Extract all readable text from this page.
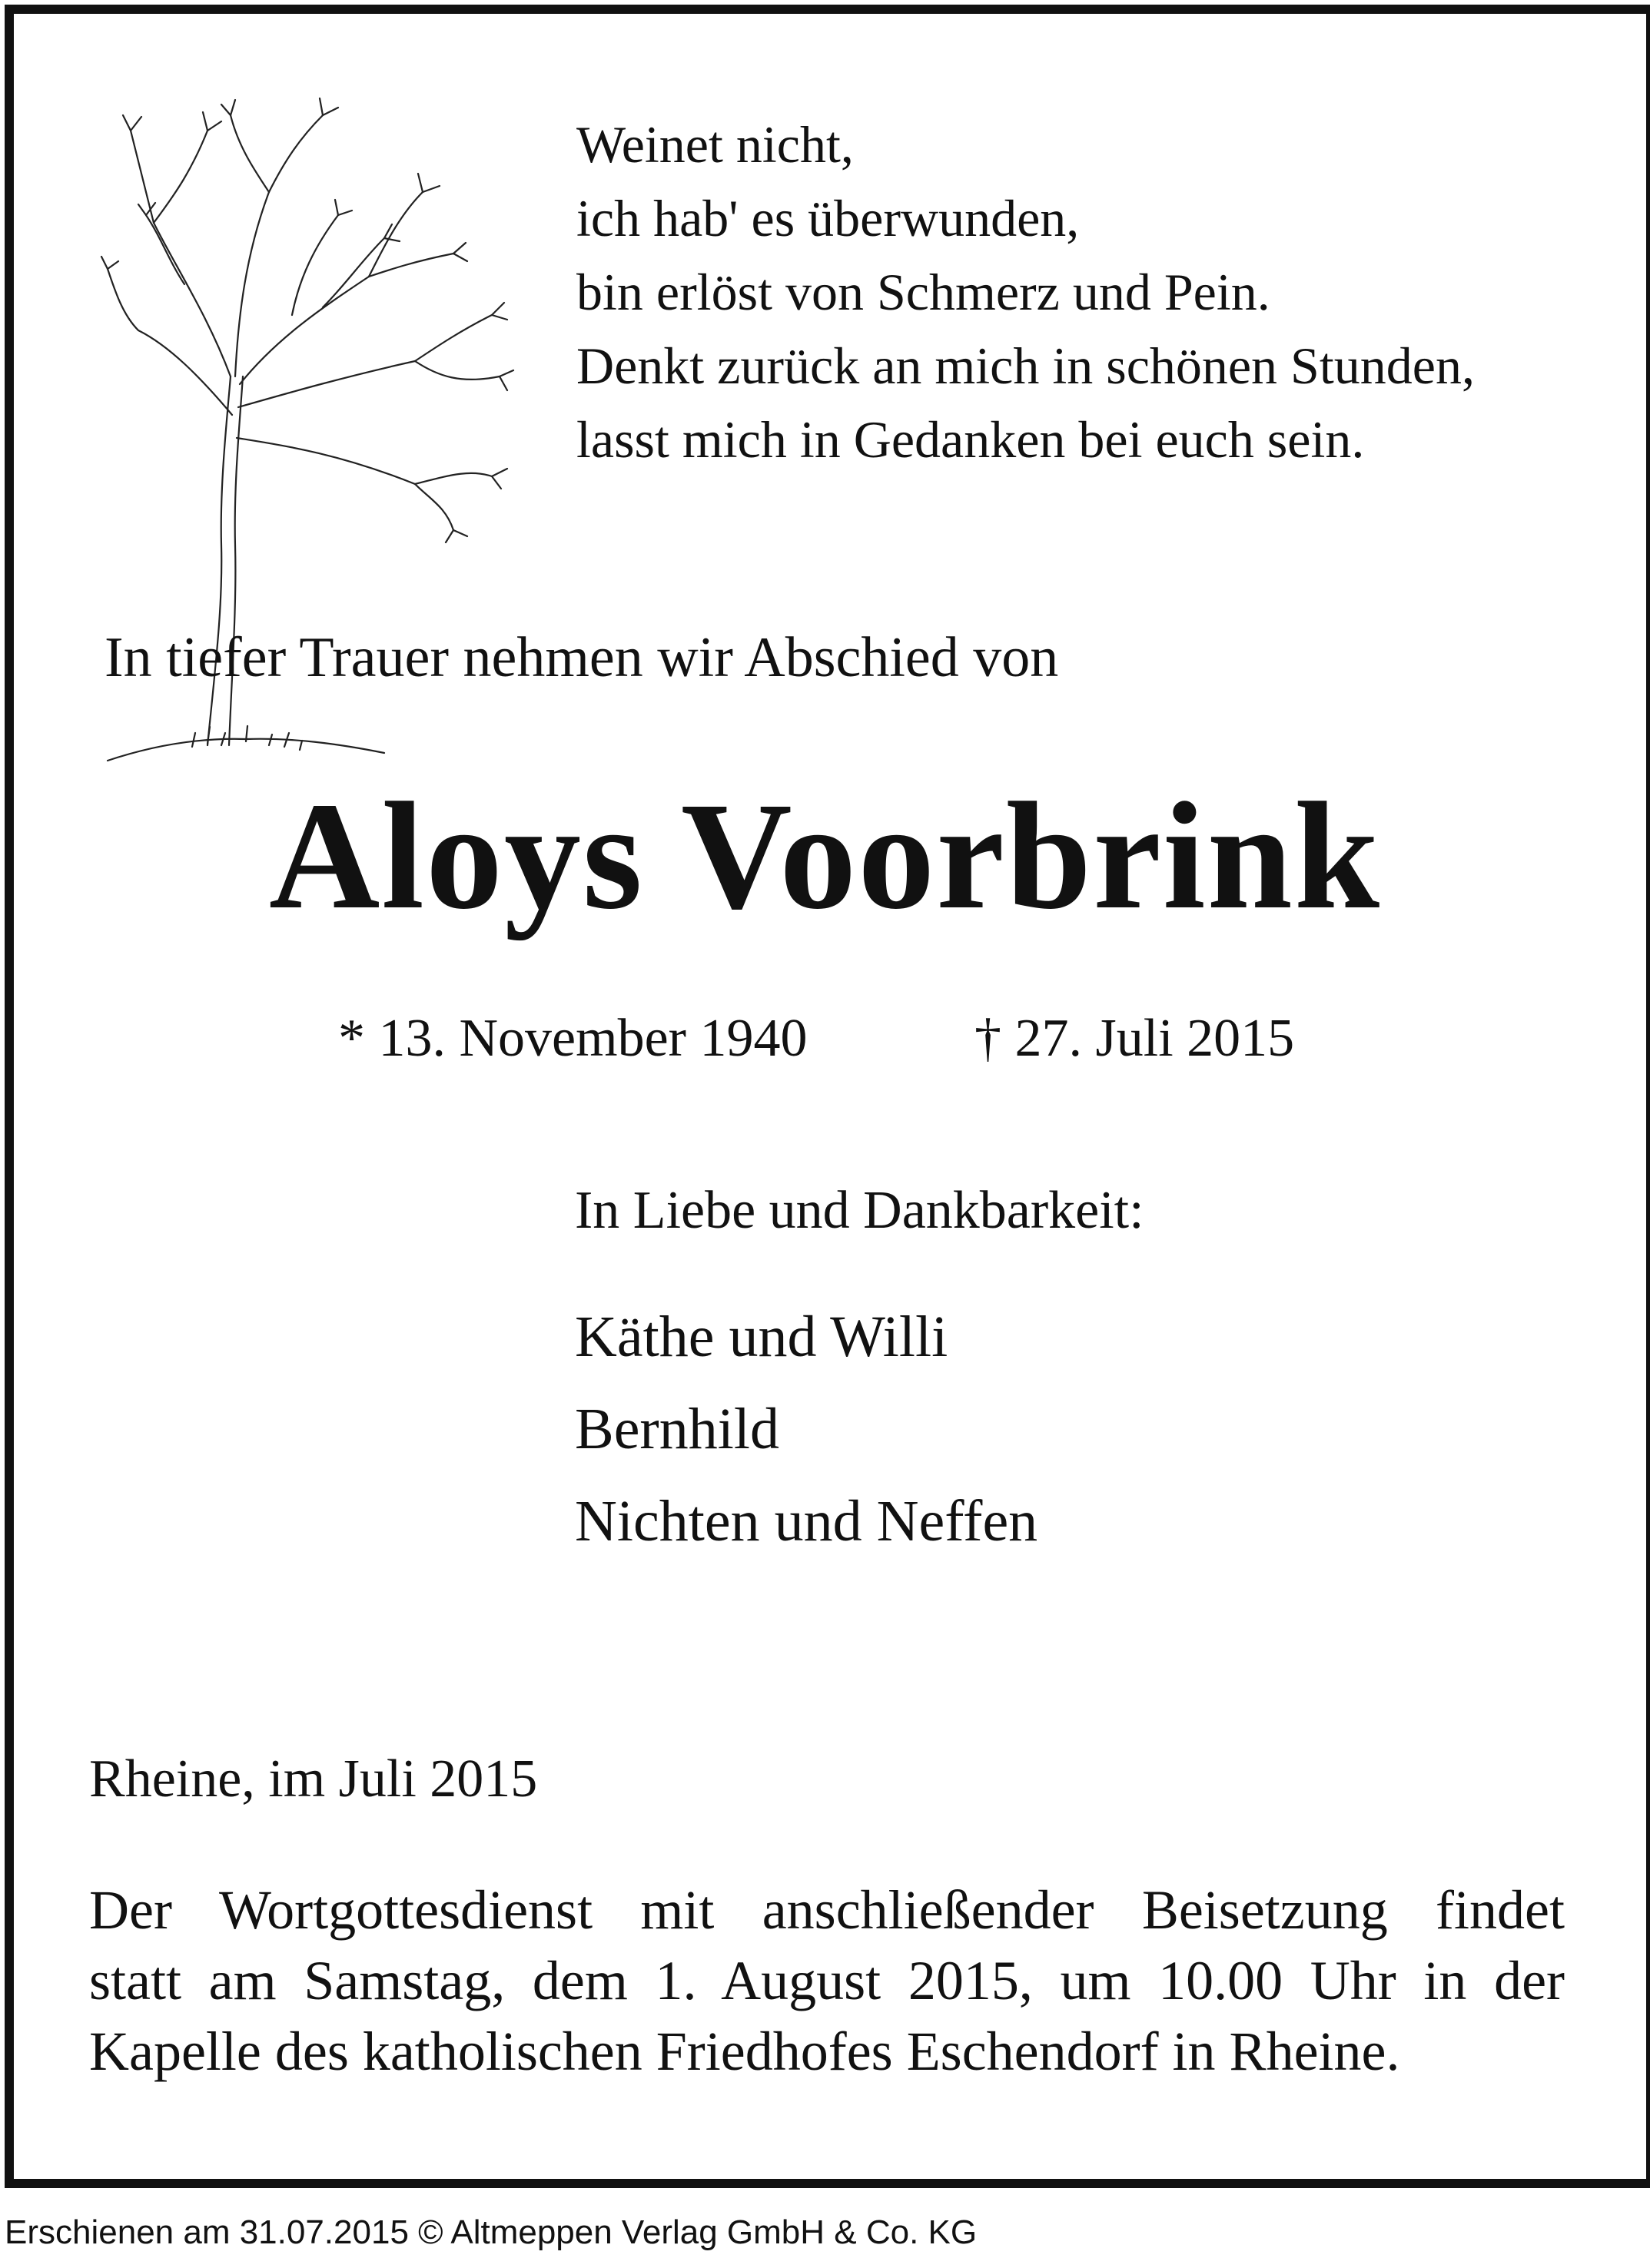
Weinet nicht,
ich hab' es überwunden,
bin erlöst von Schmerz und Pein.
Denkt zurück an mich in schönen Stunden,
lasst mich in Gedanken bei euch sein.
In tiefer Trauer nehmen wir Abschied von
Aloys Voorbrink
* 13. November 1940	† 27. Juli 2015
In Liebe und Dankbarkeit:
Käthe und Willi
Bernhild
Nichten und Neffen
Rheine, im Juli 2015
Der Wortgottesdienst mit anschließender Beisetzung findet
statt am Samstag, dem 1. August 2015, um 10.00 Uhr in der
Kapelle des katholischen Friedhofes Eschendorf in Rheine.
Erschienen am 31.07.2015 © Altmeppen Verlag GmbH & Co. KG
